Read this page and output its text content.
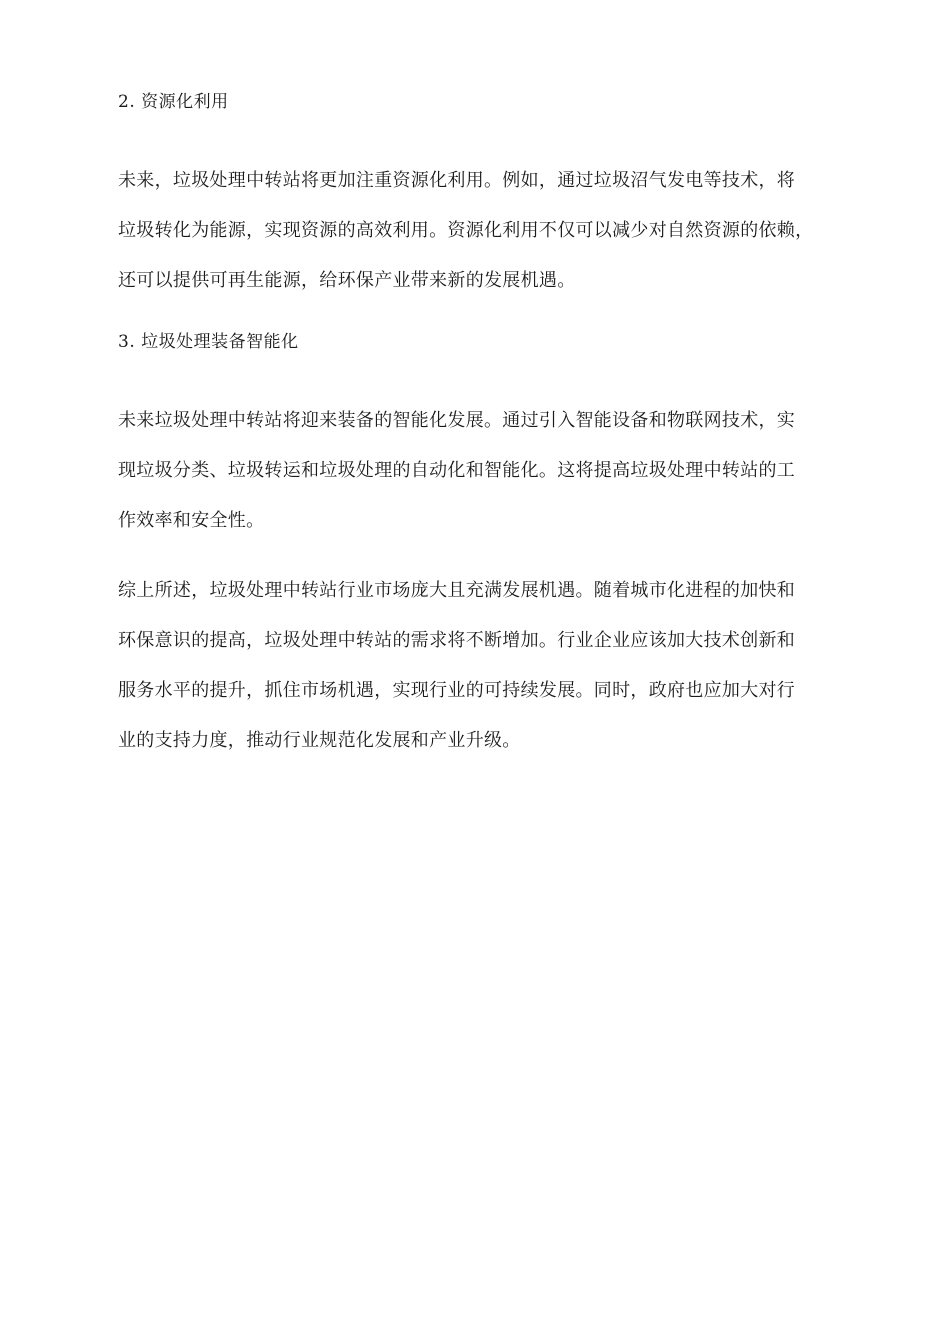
2. 资源化利用
未来，垃圾处理中转站将更加注重资源化利用。例如，通过垃圾沼气发电等技术，将
垃圾转化为能源，实现资源的高效利用。资源化利用不仅可以减少对自然资源的依赖，
还可以提供可再生能源，给环保产业带来新的发展机遇。
3. 垃圾处理装备智能化
未来垃圾处理中转站将迎来装备的智能化发展。通过引入智能设备和物联网技术，实
现垃圾分类、垃圾转运和垃圾处理的自动化和智能化。这将提高垃圾处理中转站的工
作效率和安全性。
综上所述，垃圾处理中转站行业市场庞大且充满发展机遇。随着城市化进程的加快和
环保意识的提高，垃圾处理中转站的需求将不断增加。行业企业应该加大技术创新和
服务水平的提升，抓住市场机遇，实现行业的可持续发展。同时，政府也应加大对行
业的支持力度，推动行业规范化发展和产业升级。
